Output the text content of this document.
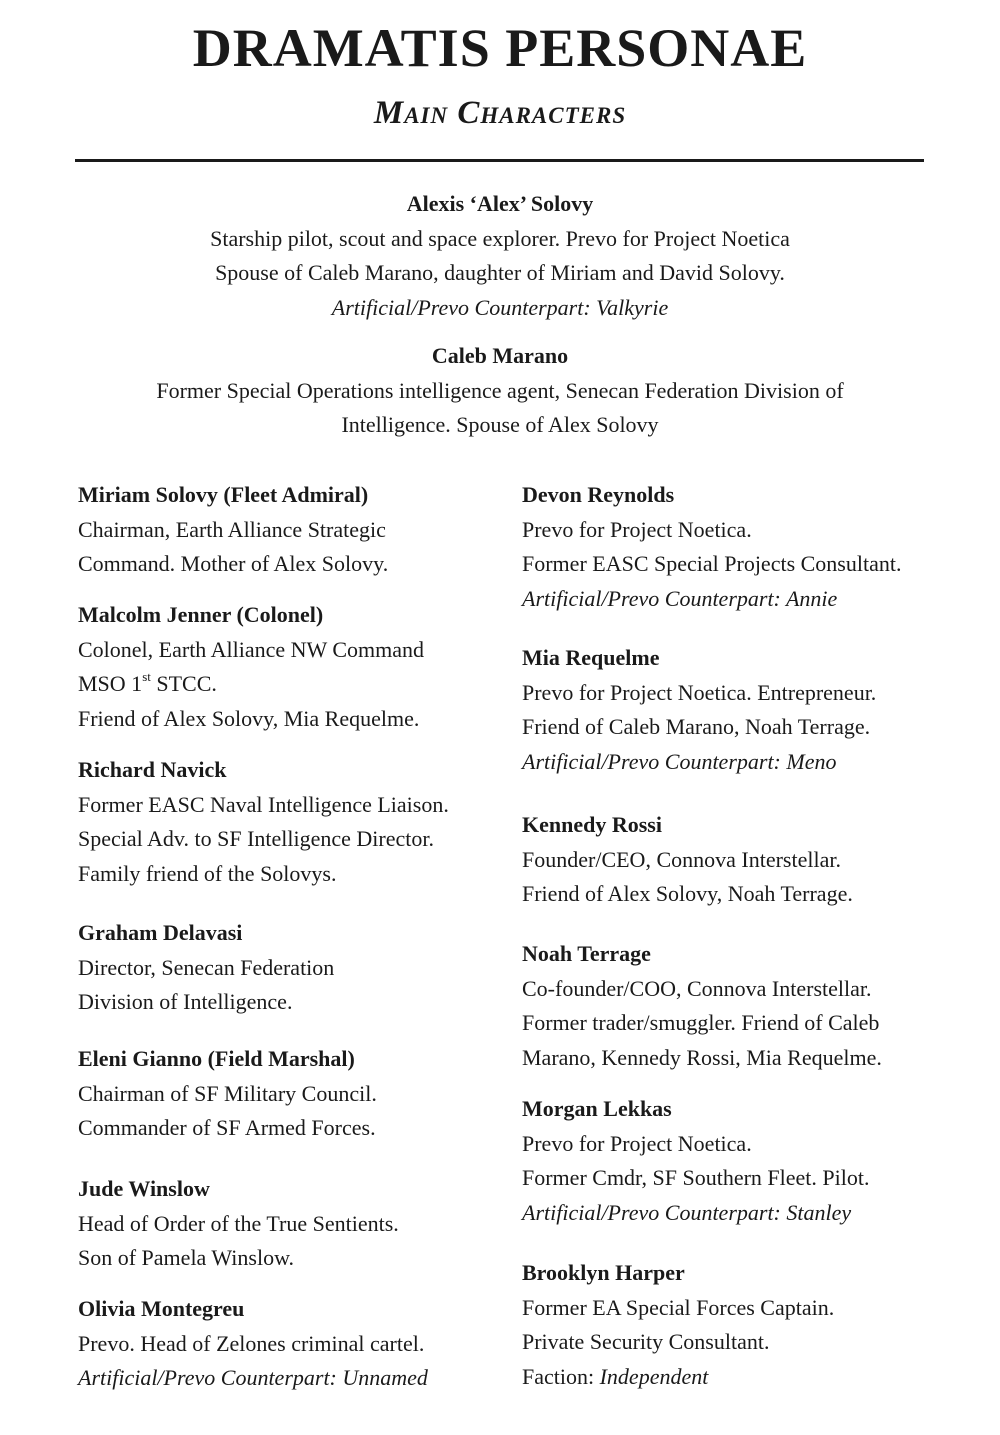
DRAMATIS PERSONAE
Main Characters
Alexis ‘Alex’ Solovy
Starship pilot, scout and space explorer. Prevo for Project Noetica
Spouse of Caleb Marano, daughter of Miriam and David Solovy.
Artificial/Prevo Counterpart: Valkyrie
Caleb Marano
Former Special Operations intelligence agent, Senecan Federation Division of
Intelligence. Spouse of Alex Solovy
Miriam Solovy (Fleet Admiral)
Chairman, Earth Alliance Strategic
Command. Mother of Alex Solovy.
Malcolm Jenner (Colonel)
Colonel, Earth Alliance NW Command
MSO 1st STCC.
Friend of Alex Solovy, Mia Requelme.
Richard Navick
Former EASC Naval Intelligence Liaison.
Special Adv. to SF Intelligence Director.
Family friend of the Solovys.
Graham Delavasi
Director, Senecan Federation
Division of Intelligence.
Eleni Gianno (Field Marshal)
Chairman of SF Military Council.
Commander of SF Armed Forces.
Jude Winslow
Head of Order of the True Sentients.
Son of Pamela Winslow.
Olivia Montegreu
Prevo. Head of Zelones criminal cartel.
Artificial/Prevo Counterpart: Unnamed
Devon Reynolds
Prevo for Project Noetica.
Former EASC Special Projects Consultant.
Artificial/Prevo Counterpart: Annie
Mia Requelme
Prevo for Project Noetica. Entrepreneur.
Friend of Caleb Marano, Noah Terrage.
Artificial/Prevo Counterpart: Meno
Kennedy Rossi
Founder/CEO, Connova Interstellar.
Friend of Alex Solovy, Noah Terrage.
Noah Terrage
Co-founder/COO, Connova Interstellar.
Former trader/smuggler. Friend of Caleb
Marano, Kennedy Rossi, Mia Requelme.
Morgan Lekkas
Prevo for Project Noetica.
Former Cmdr, SF Southern Fleet. Pilot.
Artificial/Prevo Counterpart: Stanley
Brooklyn Harper
Former EA Special Forces Captain.
Private Security Consultant.
Faction: Independent
